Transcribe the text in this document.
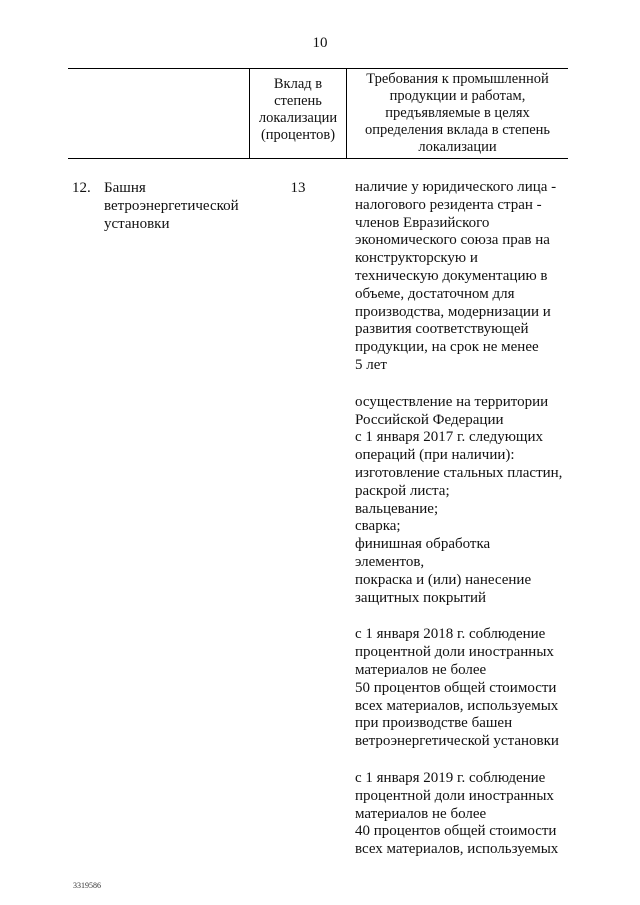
10
Вклад в
степень
локализации
(процентов)
Требования к промышленной
продукции и работам,
предъявляемые в целях
определения вклада в степень
локализации
12. Башня
ветроэнергетической
установки
13	наличие у юридического лица -
налогового резидента стран -
членов Евразийского
экономического союза прав на
конструкторскую и
техническую документацию в
объеме, достаточном для
производства, модернизации и
развития соответствующей
продукции, на срок не менее
5 лет

осуществление на территории
Российской Федерации
с 1 января 2017 г. следующих
операций (при наличии):
изготовление стальных пластин,
раскрой листа;
вальцевание;
сварка;
финишная обработка
элементов,
покраска и (или) нанесение
защитных покрытий

с 1 января 2018 г. соблюдение
процентной доли иностранных
материалов не более
50 процентов общей стоимости
всех материалов, используемых
при производстве башен
ветроэнергетической установки

с 1 января 2019 г. соблюдение
процентной доли иностранных
материалов не более
40 процентов общей стоимости
всех материалов, используемых

3319586
